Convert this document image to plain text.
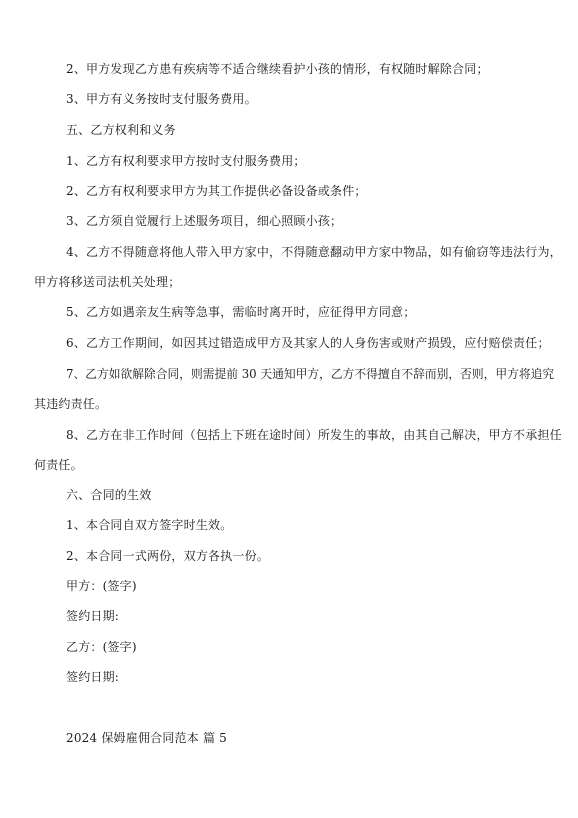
2、甲方发现乙方患有疾病等不适合继续看护小孩的情形，有权随时解除合同；
3、甲方有义务按时支付服务费用。
五、乙方权利和义务
1、乙方有权利要求甲方按时支付服务费用；
2、乙方有权利要求甲方为其工作提供必备设备或条件；
3、乙方须自觉履行上述服务项目，细心照顾小孩；
4、乙方不得随意将他人带入甲方家中，不得随意翻动甲方家中物品，如有偷窃等违法行为，
甲方将移送司法机关处理；
5、乙方如遇亲友生病等急事，需临时离开时，应征得甲方同意；
6、乙方工作期间，如因其过错造成甲方及其家人的人身伤害或财产损毁，应付赔偿责任；
7、乙方如欲解除合同，则需提前 30 天通知甲方，乙方不得擅自不辞而别，否则，甲方将追究
其违约责任。
8、乙方在非工作时间（包括上下班在途时间）所发生的事故，由其自己解决，甲方不承担任
何责任。
六、合同的生效
1、本合同自双方签字时生效。
2、本合同一式两份，双方各执一份。
甲方：(签字)
签约日期:
乙方：(签字)
签约日期:
2024 保姆雇佣合同范本 篇 5
